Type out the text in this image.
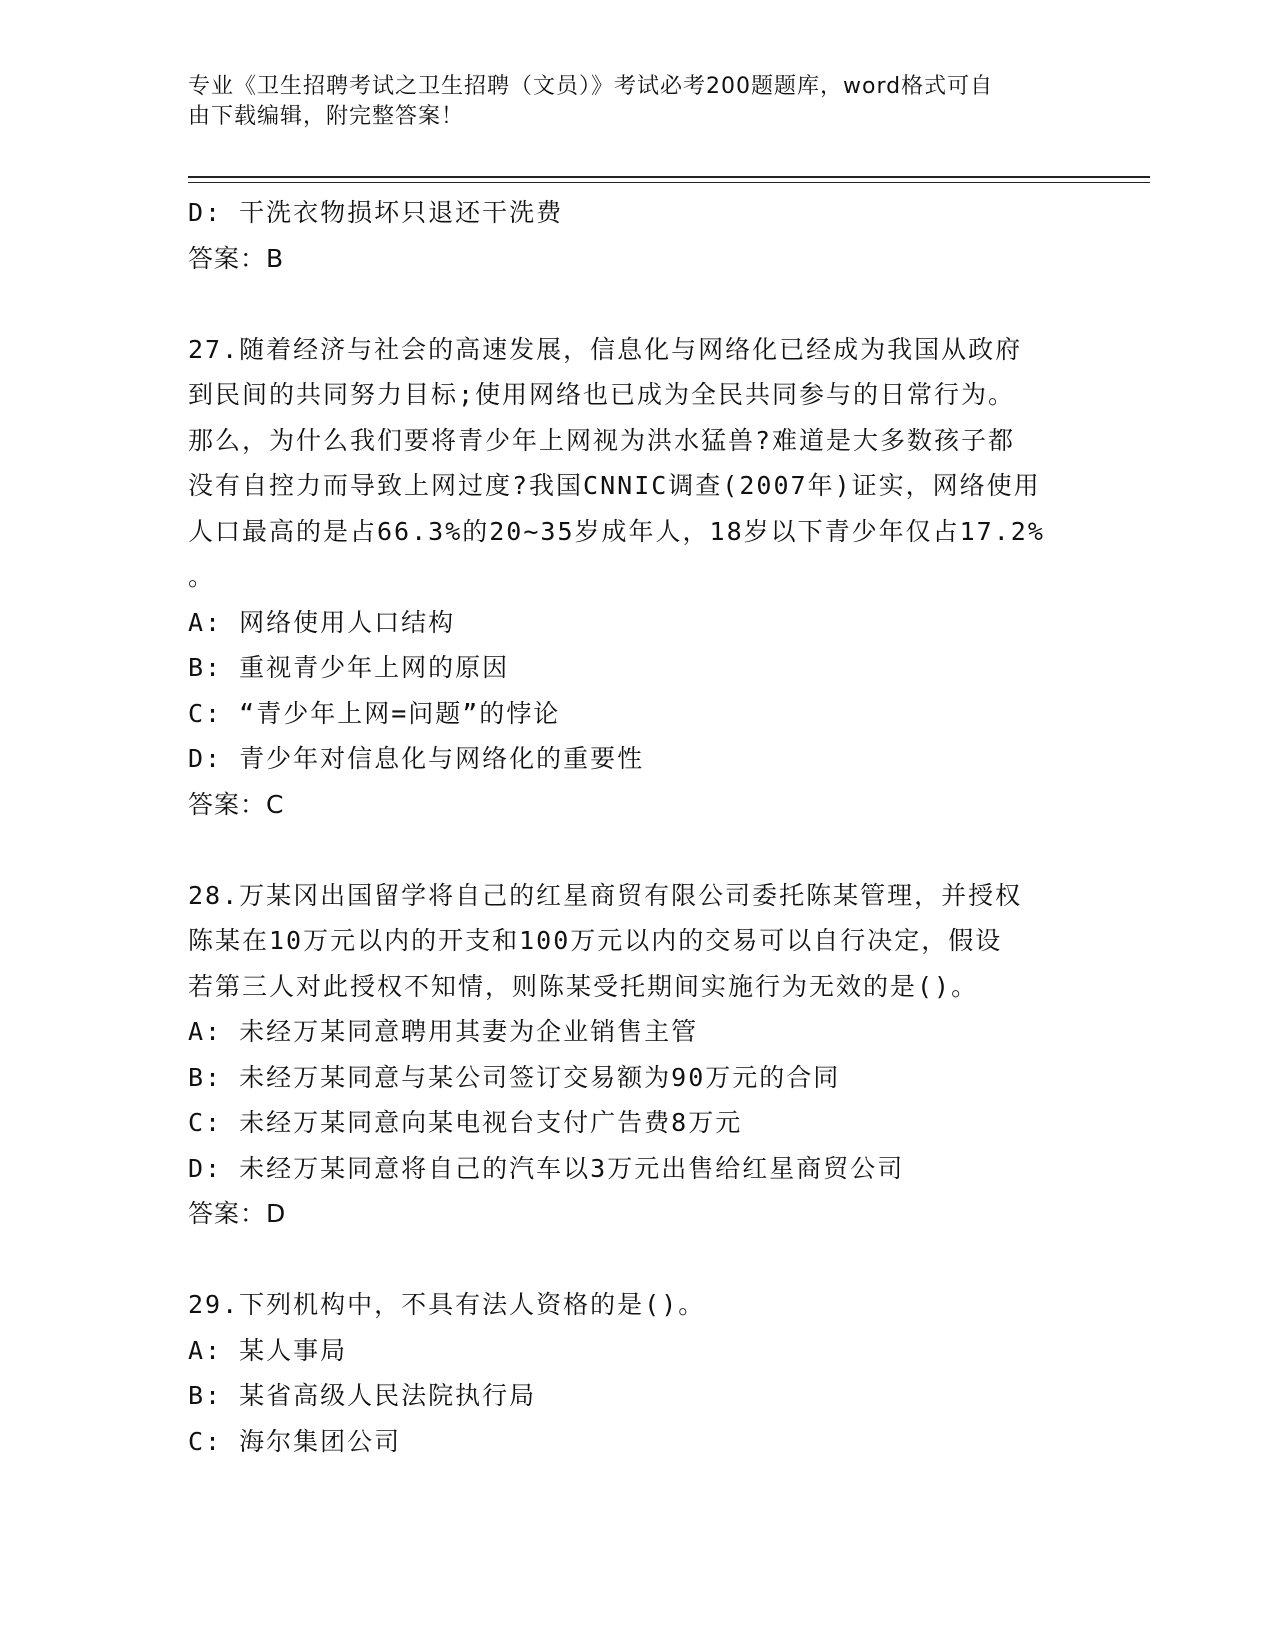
专业《卫生招聘考试之卫生招聘（文员）》考试必考200题题库，word格式可自
由下载编辑，附完整答案！
D: 干洗衣物损坏只退还干洗费
答案：B
27.随着经济与社会的高速发展，信息化与网络化已经成为我国从政府
到民间的共同努力目标;使用网络也已成为全民共同参与的日常行为。
那么，为什么我们要将青少年上网视为洪水猛兽?难道是大多数孩子都
没有自控力而导致上网过度?我国CNNIC调查(2007年)证实，网络使用
人口最高的是占66.3%的20~35岁成年人，18岁以下青少年仅占17.2%
。
A: 网络使用人口结构
B: 重视青少年上网的原因
C: “青少年上网=问题”的悖论
D: 青少年对信息化与网络化的重要性
答案：C
28.万某冈出国留学将自己的红星商贸有限公司委托陈某管理，并授权
陈某在10万元以内的开支和100万元以内的交易可以自行决定，假设
若第三人对此授权不知情，则陈某受托期间实施行为无效的是()。
A: 未经万某同意聘用其妻为企业销售主管
B: 未经万某同意与某公司签订交易额为90万元的合同
C: 未经万某同意向某电视台支付广告费8万元
D: 未经万某同意将自己的汽车以3万元出售给红星商贸公司
答案：D
29.下列机构中，不具有法人资格的是()。
A: 某人事局
B: 某省高级人民法院执行局
C: 海尔集团公司
